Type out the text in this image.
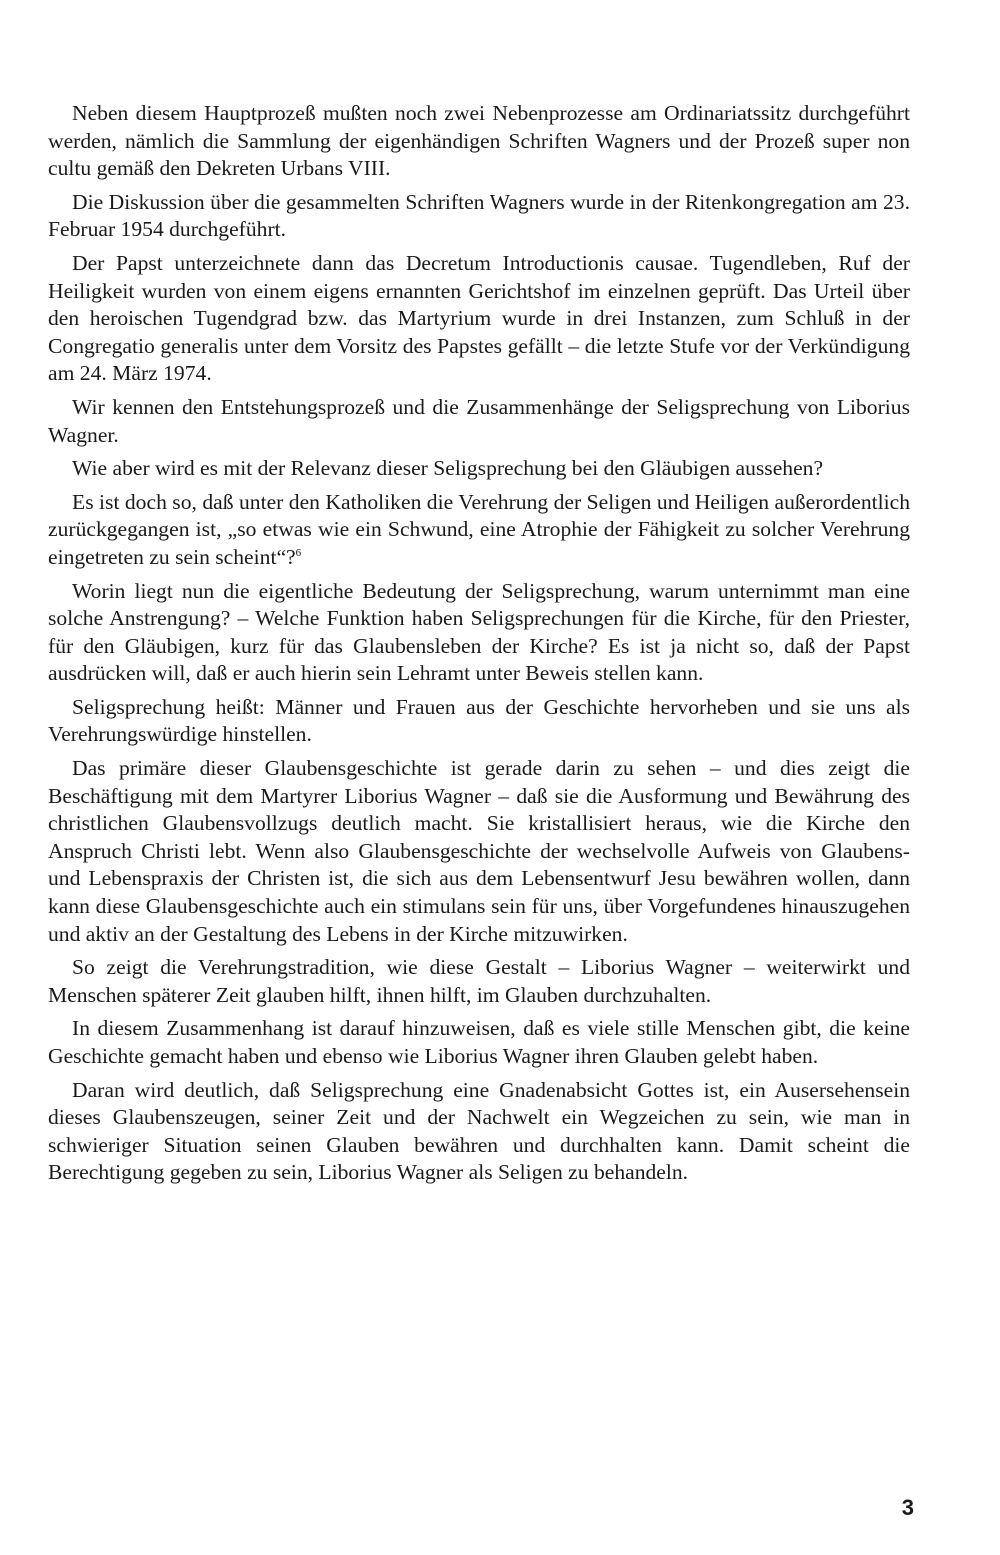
Neben diesem Hauptprozeß mußten noch zwei Nebenprozesse am Ordinariatssitz durchgeführt werden, nämlich die Sammlung der eigenhändigen Schriften Wagners und der Prozeß super non cultu gemäß den Dekreten Urbans VIII.

Die Diskussion über die gesammelten Schriften Wagners wurde in der Ritenkongregation am 23. Februar 1954 durchgeführt.

Der Papst unterzeichnete dann das Decretum Introductionis causae. Tugendleben, Ruf der Heiligkeit wurden von einem eigens ernannten Gerichtshof im einzelnen geprüft. Das Urteil über den heroischen Tugendgrad bzw. das Martyrium wurde in drei Instanzen, zum Schluß in der Congregatio generalis unter dem Vorsitz des Papstes gefällt – die letzte Stufe vor der Verkündigung am 24. März 1974.

Wir kennen den Entstehungsprozeß und die Zusammenhänge der Seligsprechung von Liborius Wagner.

Wie aber wird es mit der Relevanz dieser Seligsprechung bei den Gläubigen aussehen?

Es ist doch so, daß unter den Katholiken die Verehrung der Seligen und Heiligen außerordentlich zurückgegangen ist, „so etwas wie ein Schwund, eine Atrophie der Fähigkeit zu solcher Verehrung eingetreten zu sein scheint“?$^6$

Worin liegt nun die eigentliche Bedeutung der Seligsprechung, warum unternimmt man eine solche Anstrengung? – Welche Funktion haben Seligsprechungen für die Kirche, für den Priester, für den Gläubigen, kurz für das Glaubensleben der Kirche? Es ist ja nicht so, daß der Papst ausdrücken will, daß er auch hierin sein Lehramt unter Beweis stellen kann.

Seligsprechung heißt: Männer und Frauen aus der Geschichte hervorheben und sie uns als Verehrungswürdige hinstellen.

Das primäre dieser Glaubensgeschichte ist gerade darin zu sehen – und dies zeigt die Beschäftigung mit dem Martyrer Liborius Wagner – daß sie die Ausformung und Bewährung des christlichen Glaubensvollzugs deutlich macht. Sie kristallisiert heraus, wie die Kirche den Anspruch Christi lebt. Wenn also Glaubensgeschichte der wechselvolle Aufweis von Glaubens- und Lebenspraxis der Christen ist, die sich aus dem Lebensentwurf Jesu bewähren wollen, dann kann diese Glaubensgeschichte auch ein stimulans sein für uns, über Vorgefundenes hinauszugehen und aktiv an der Gestaltung des Lebens in der Kirche mitzuwirken.

So zeigt die Verehrungstradition, wie diese Gestalt – Liborius Wagner – weiterwirkt und Menschen späterer Zeit glauben hilft, ihnen hilft, im Glauben durchzuhalten.

In diesem Zusammenhang ist darauf hinzuweisen, daß es viele stille Menschen gibt, die keine Geschichte gemacht haben und ebenso wie Liborius Wagner ihren Glauben gelebt haben.

Daran wird deutlich, daß Seligsprechung eine Gnadenabsicht Gottes ist, ein Ausersehensein dieses Glaubenszeugen, seiner Zeit und der Nachwelt ein Wegzeichen zu sein, wie man in schwieriger Situation seinen Glauben bewähren und durchhalten kann. Damit scheint die Berechtigung gegeben zu sein, Liborius Wagner als Seligen zu behandeln.

3
